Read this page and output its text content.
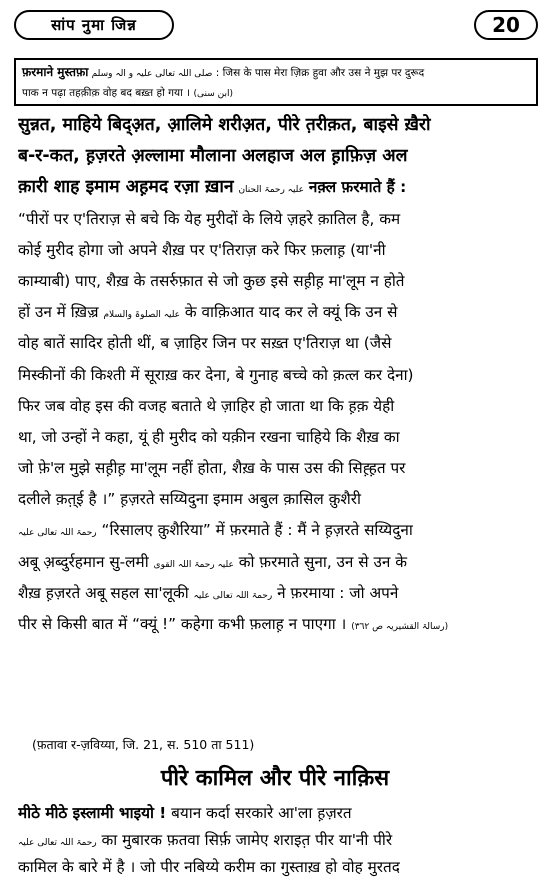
सांप नुमा जिन्न	20
फ़रमाने मुस्तफ़ा صلی اللہ تعالی علیہ و الہ وسلم : जिस के पास मेरा ज़िक्र हुवा और उस ने मुझ पर दुरूद
पाक न पढ़ा तहक़ीक़ वोह बद बख़्त हो गया । (ابن سنی)
सुन्नत, माहिये बिद्अ़त, आ़लिमे शरीअ़त, पीरे त़रीक़त, बाइसे ख़ैरो
ब-र-कत, ह़ज़रते अ़ल्लामा मौलाना अलहाज अल ह़ाफ़िज़ अल
क़ारी शाह इमाम अह़मद रज़ा ख़ान علیہ رحمۃ الحنان नक़्ल फ़रमाते हैं :
“पीरों पर ए'तिराज़ से बचे कि येह मुरीदों के लिये ज़हरे क़ातिल है, कम
कोई मुरीद होगा जो अपने शैख़ पर ए'तिराज़ करे फिर फ़लाह़ (या'नी
काम्याबी) पाए, शैख़ के तसर्रुफ़ात से जो कुछ इसे सह़ीह़ मा'लूम न होते
हों उन में ख़िज़्र علیہ الصلوۃ والسلام के वाक़िआत याद कर ले क्यूं कि उन से
वोह बातें सादिर होती थीं, ब ज़ाहिर जिन पर सख़्त ए'तिराज़ था (जैसे
मिस्कीनों की किश्ती में सूराख़ कर देना, बे गुनाह बच्चे को क़त्ल कर देना)
फिर जब वोह इस की वजह बताते थे ज़ाहिर हो जाता था कि ह़क़ येही
था, जो उन्हों ने कहा, यूं ही मुरीद को यक़ीन रखना चाहिये कि शैख़ का
जो फ़े'ल मुझे सह़ीह़ मा'लूम नहीं होता, शैख़ के पास उस की सिह़्ह़त पर
दलीले क़त़्ई है ।” ह़ज़रते सय्यिदुना इमाम अबुल क़ासिल क़ुशैरी
رحمۃ اللہ تعالی علیہ “रिसालए क़ुशैरिया” में फ़रमाते हैं : मैं ने ह़ज़रते सय्यिदुना
अबू अ़ब्दुर्रहमान सु-लमी علیہ رحمۃ اللہ القوی को फ़रमाते सुना, उन से उन के
शैख़ ह़ज़रते अबू सहल सा'लूकी رحمۃ اللہ تعالی علیہ ने फ़रमाया : जो अपने
पीर से किसी बात में “क्यूं !” कहेगा कभी फ़लाह़ न पाएगा । (رسالۃ القشیریہ ص ٣٦٢)
(फ़तावा र-ज़विय्या, जि. 21, स. 510 ता 511)
पीरे कामिल और पीरे नाक़िस
मीठे मीठे इस्लामी भाइयो ! बयान कर्दा सरकारे आ'ला ह़ज़रत
رحمۃ اللہ تعالی علیہ का मुबारक फ़तवा सिर्फ़ जामेए शराइत़ पीर या'नी पीरे
कामिल के बारे में है । जो पीर नबिय्ये करीम का गुस्ताख़ हो वोह मुरतद
